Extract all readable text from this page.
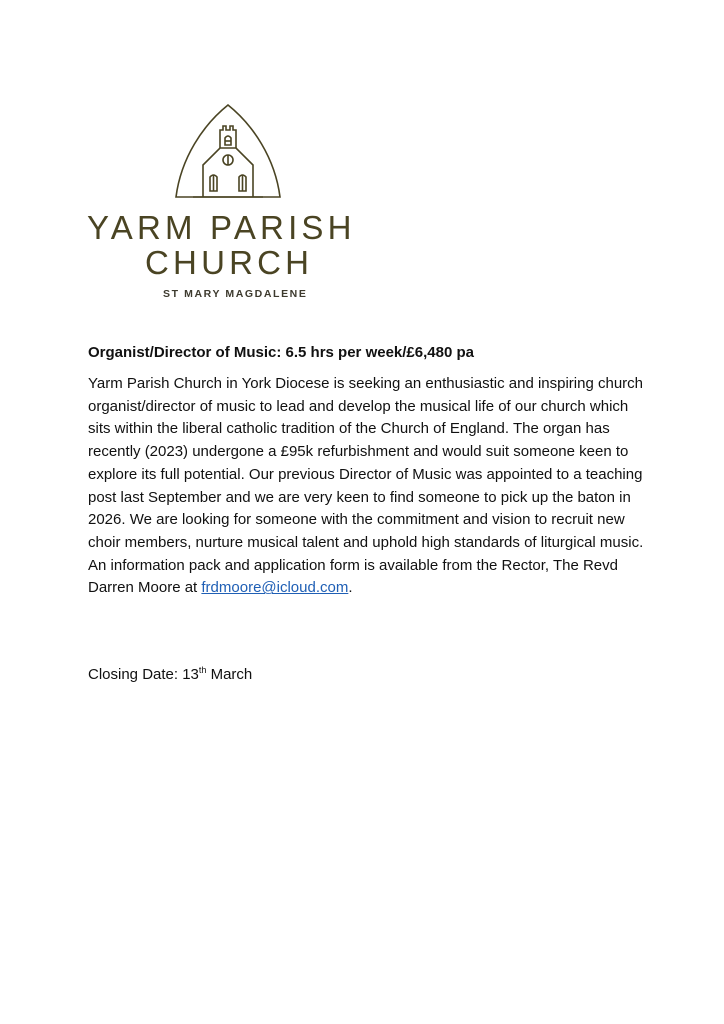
YARM PARISH
CHURCH
ST MARY MAGDALENE
Organist/Director of Music: 6.5 hrs per week/£6,480 pa
Yarm Parish Church in York Diocese is seeking an enthusiastic and inspiring church organist/director of music to lead and develop the musical life of our church which sits within the liberal catholic tradition of the Church of England. The organ has recently (2023) undergone a £95k refurbishment and would suit someone keen to explore its full potential. Our previous Director of Music was appointed to a teaching post last September and we are very keen to find someone to pick up the baton in 2026. We are looking for someone with the commitment and vision to recruit new choir members, nurture musical talent and uphold high standards of liturgical music. An information pack and application form is available from the Rector, The Revd Darren Moore at frdmoore@icloud.com.
Closing Date: 13th March
